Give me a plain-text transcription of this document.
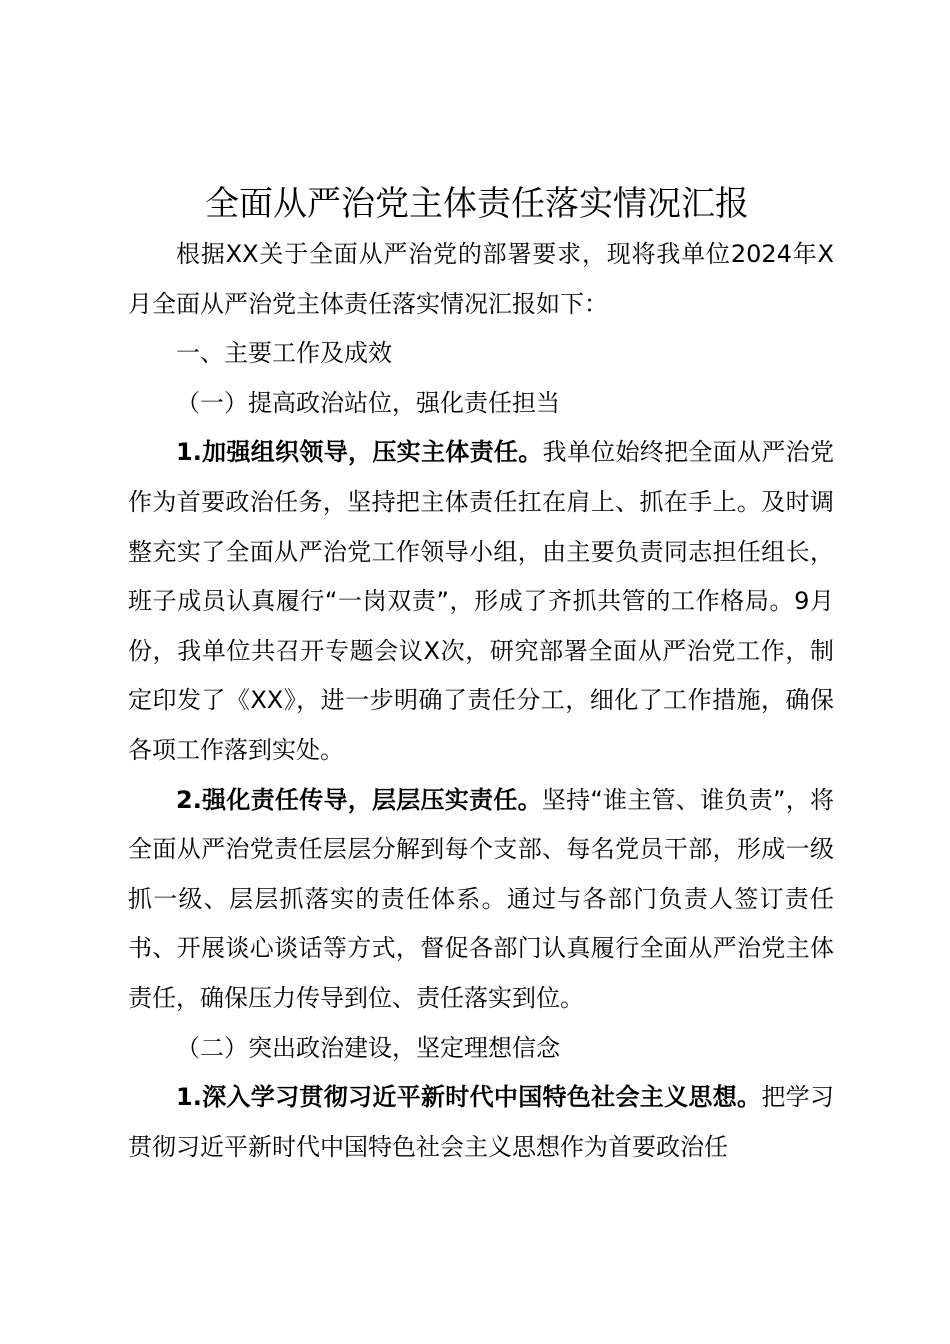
全面从严治党主体责任落实情况汇报

根据XX关于全面从严治党的部署要求，现将我单位2024年X月全面从严治党主体责任落实情况汇报如下：

一、主要工作及成效

（一）提高政治站位，强化责任担当

1.加强组织领导，压实主体责任。我单位始终把全面从严治党作为首要政治任务，坚持把主体责任扛在肩上、抓在手上。及时调整充实了全面从严治党工作领导小组，由主要负责同志担任组长，班子成员认真履行“一岗双责”，形成了齐抓共管的工作格局。9月份，我单位共召开专题会议X次，研究部署全面从严治党工作，制定印发了《XX》，进一步明确了责任分工，细化了工作措施，确保各项工作落到实处。

2.强化责任传导，层层压实责任。坚持“谁主管、谁负责”，将全面从严治党责任层层分解到每个支部、每名党员干部，形成一级抓一级、层层抓落实的责任体系。通过与各部门负责人签订责任书、开展谈心谈话等方式，督促各部门认真履行全面从严治党主体责任，确保压力传导到位、责任落实到位。

（二）突出政治建设，坚定理想信念

1.深入学习贯彻习近平新时代中国特色社会主义思想。把学习贯彻习近平新时代中国特色社会主义思想作为首要政治任
